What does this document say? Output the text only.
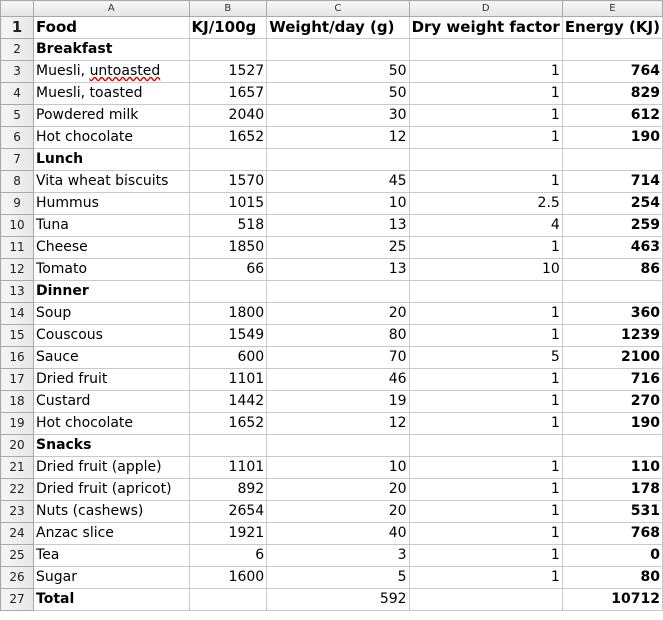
	A	B	C	D	E
1	Food	KJ/100g	Weight/day (g)	Dry weight factor	Energy (KJ)
2	Breakfast				
3	Muesli, untoasted	1527	50	1	764
4	Muesli, toasted	1657	50	1	829
5	Powdered milk	2040	30	1	612
6	Hot chocolate	1652	12	1	190
7	Lunch				
8	Vita wheat biscuits	1570	45	1	714
9	Hummus	1015	10	2.5	254
10	Tuna	518	13	4	259
11	Cheese	1850	25	1	463
12	Tomato	66	13	10	86
13	Dinner				
14	Soup	1800	20	1	360
15	Couscous	1549	80	1	1239
16	Sauce	600	70	5	2100
17	Dried fruit	1101	46	1	716
18	Custard	1442	19	1	270
19	Hot chocolate	1652	12	1	190
20	Snacks				
21	Dried fruit (apple)	1101	10	1	110
22	Dried fruit (apricot)	892	20	1	178
23	Nuts (cashews)	2654	20	1	531
24	Anzac slice	1921	40	1	768
25	Tea	6	3	1	0
26	Sugar	1600	5	1	80
27	Total		592		10712
